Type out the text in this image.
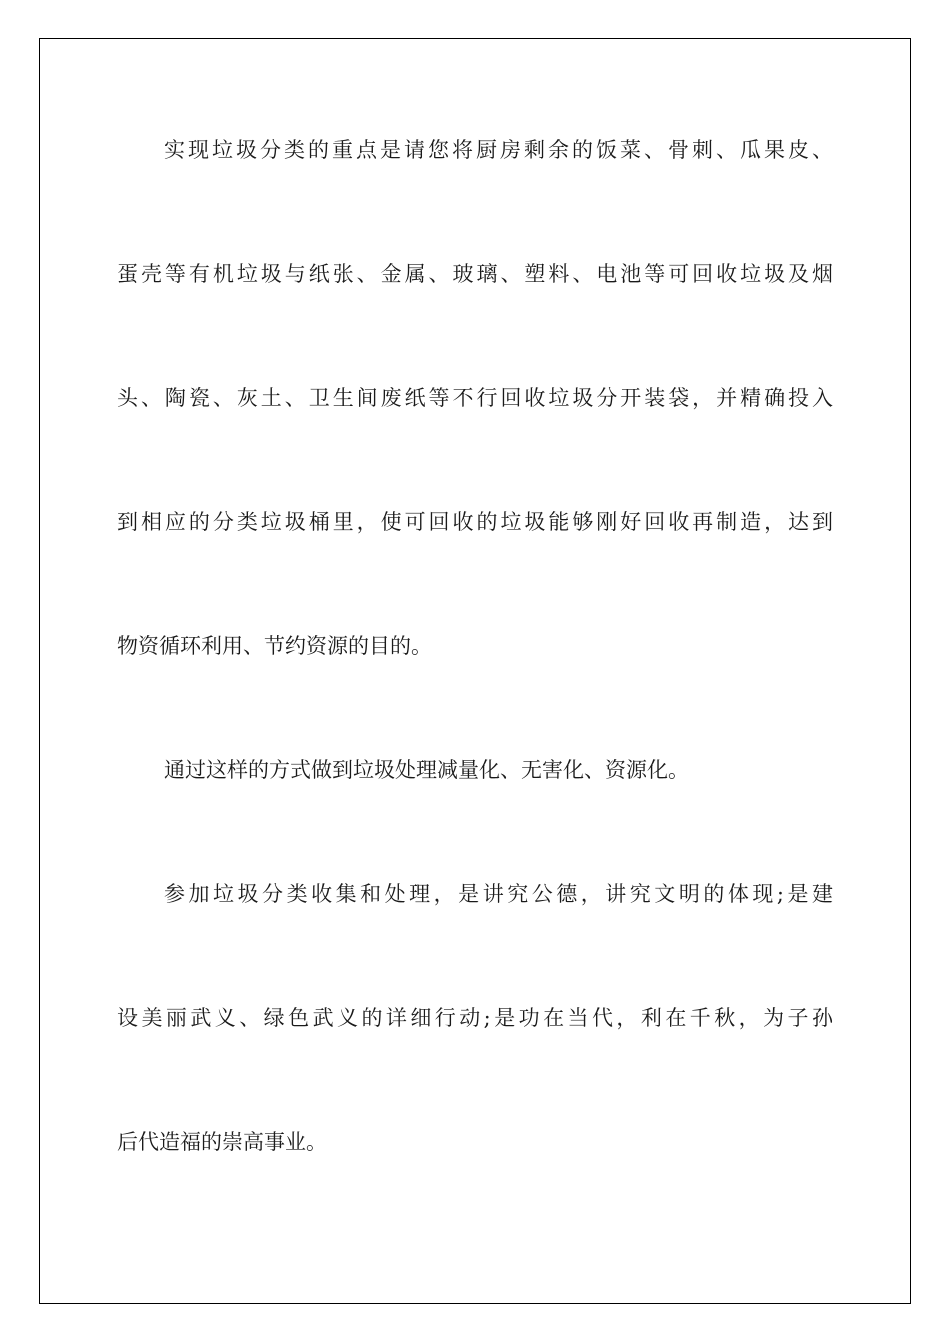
实现垃圾分类的重点是请您将厨房剩余的饭菜、骨刺、瓜果皮、

蛋壳等有机垃圾与纸张、金属、玻璃、塑料、电池等可回收垃圾及烟

头、陶瓷、灰土、卫生间废纸等不行回收垃圾分开装袋，并精确投入

到相应的分类垃圾桶里，使可回收的垃圾能够刚好回收再制造，达到

物资循环利用、节约资源的目的。

通过这样的方式做到垃圾处理减量化、无害化、资源化。

参加垃圾分类收集和处理，是讲究公德，讲究文明的体现;是建

设美丽武义、绿色武义的详细行动;是功在当代，利在千秋，为子孙

后代造福的崇高事业。
